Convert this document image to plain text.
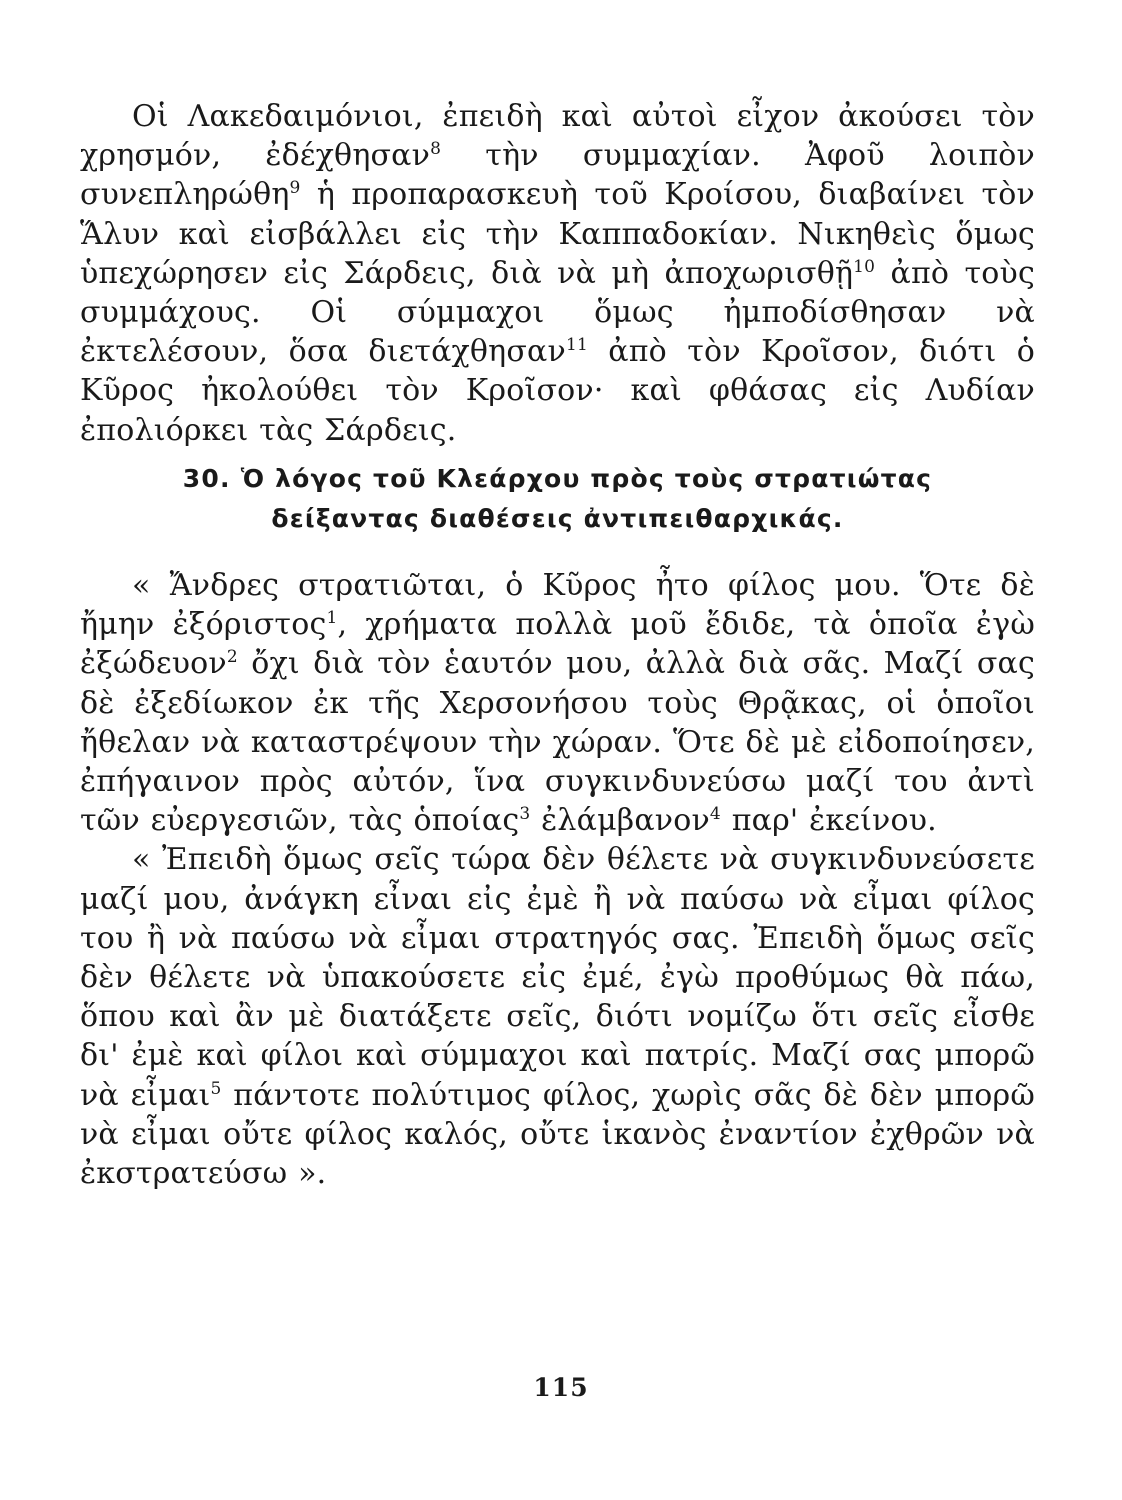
Οἱ Λακεδαιμόνιοι, ἐπειδὴ καὶ αὐτοὶ εἶχον ἀκούσει τὸν χρησμόν, ἐδέχθησαν$^8$ τὴν συμμαχίαν. Ἀφοῦ λοιπὸν συνεπληρώθη$^9$ ἡ προπαρασκευὴ τοῦ Κροίσου, διαβαίνει τὸν Ἅλυν καὶ εἰσβάλλει εἰς τὴν Καππαδοκίαν. Νικηθεὶς ὅμως ὑπεχώρησεν εἰς Σάρδεις, διὰ νὰ μὴ ἀποχωρισθῇ$^{10}$ ἀπὸ τοὺς συμμάχους. Οἱ σύμμαχοι ὅμως ἠμποδίσθησαν νὰ ἐκτελέσουν, ὅσα διετάχθησαν$^{11}$ ἀπὸ τὸν Κροῖσον, διότι ὁ Κῦρος ἠκολούθει τὸν Κροῖσον· καὶ φθάσας εἰς Λυδίαν ἐπολιόρκει τὰς Σάρδεις.

30. Ὁ λόγος τοῦ Κλεάρχου πρὸς τοὺς στρατιώτας
δείξαντας διαθέσεις ἀντιπειθαρχικάς.

« Ἄνδρες στρατιῶται, ὁ Κῦρος ἦτο φίλος μου. Ὅτε δὲ ἤμην ἐξόριστος$^1$, χρήματα πολλὰ μοῦ ἔδιδε, τὰ ὁποῖα ἐγὼ ἐξώδευον$^2$ ὄχι διὰ τὸν ἑαυτόν μου, ἀλλὰ διὰ σᾶς. Μαζί σας δὲ ἐξεδίωκον ἐκ τῆς Χερσονήσου τοὺς Θρᾷκας, οἱ ὁποῖοι ἤθελαν νὰ καταστρέψουν τὴν χώραν. Ὅτε δὲ μὲ εἰδοποίησεν, ἐπήγαινον πρὸς αὐτόν, ἵνα συγκινδυνεύσω μαζί του ἀντὶ τῶν εὐεργεσιῶν, τὰς ὁποίας$^3$ ἐλάμβανον$^4$ παρ' ἐκείνου.

« Ἐπειδὴ ὅμως σεῖς τώρα δὲν θέλετε νὰ συγκινδυνεύσετε μαζί μου, ἀνάγκη εἶναι εἰς ἐμὲ ἢ νὰ παύσω νὰ εἶμαι φίλος του ἢ νὰ παύσω νὰ εἶμαι στρατηγός σας. Ἐπειδὴ ὅμως σεῖς δὲν θέλετε νὰ ὑπακούσετε εἰς ἐμέ, ἐγὼ προθύμως θὰ πάω, ὅπου καὶ ἂν μὲ διατάξετε σεῖς, διότι νομίζω ὅτι σεῖς εἶσθε δι' ἐμὲ καὶ φίλοι καὶ σύμμαχοι καὶ πατρίς. Μαζί σας μπορῶ νὰ εἶμαι$^5$ πάντοτε πολύτιμος φίλος, χωρὶς σᾶς δὲ δὲν μπορῶ νὰ εἶμαι οὔτε φίλος καλός, οὔτε ἱκανὸς ἐναντίον ἐχθρῶν νὰ ἐκστρατεύσω ».

115
